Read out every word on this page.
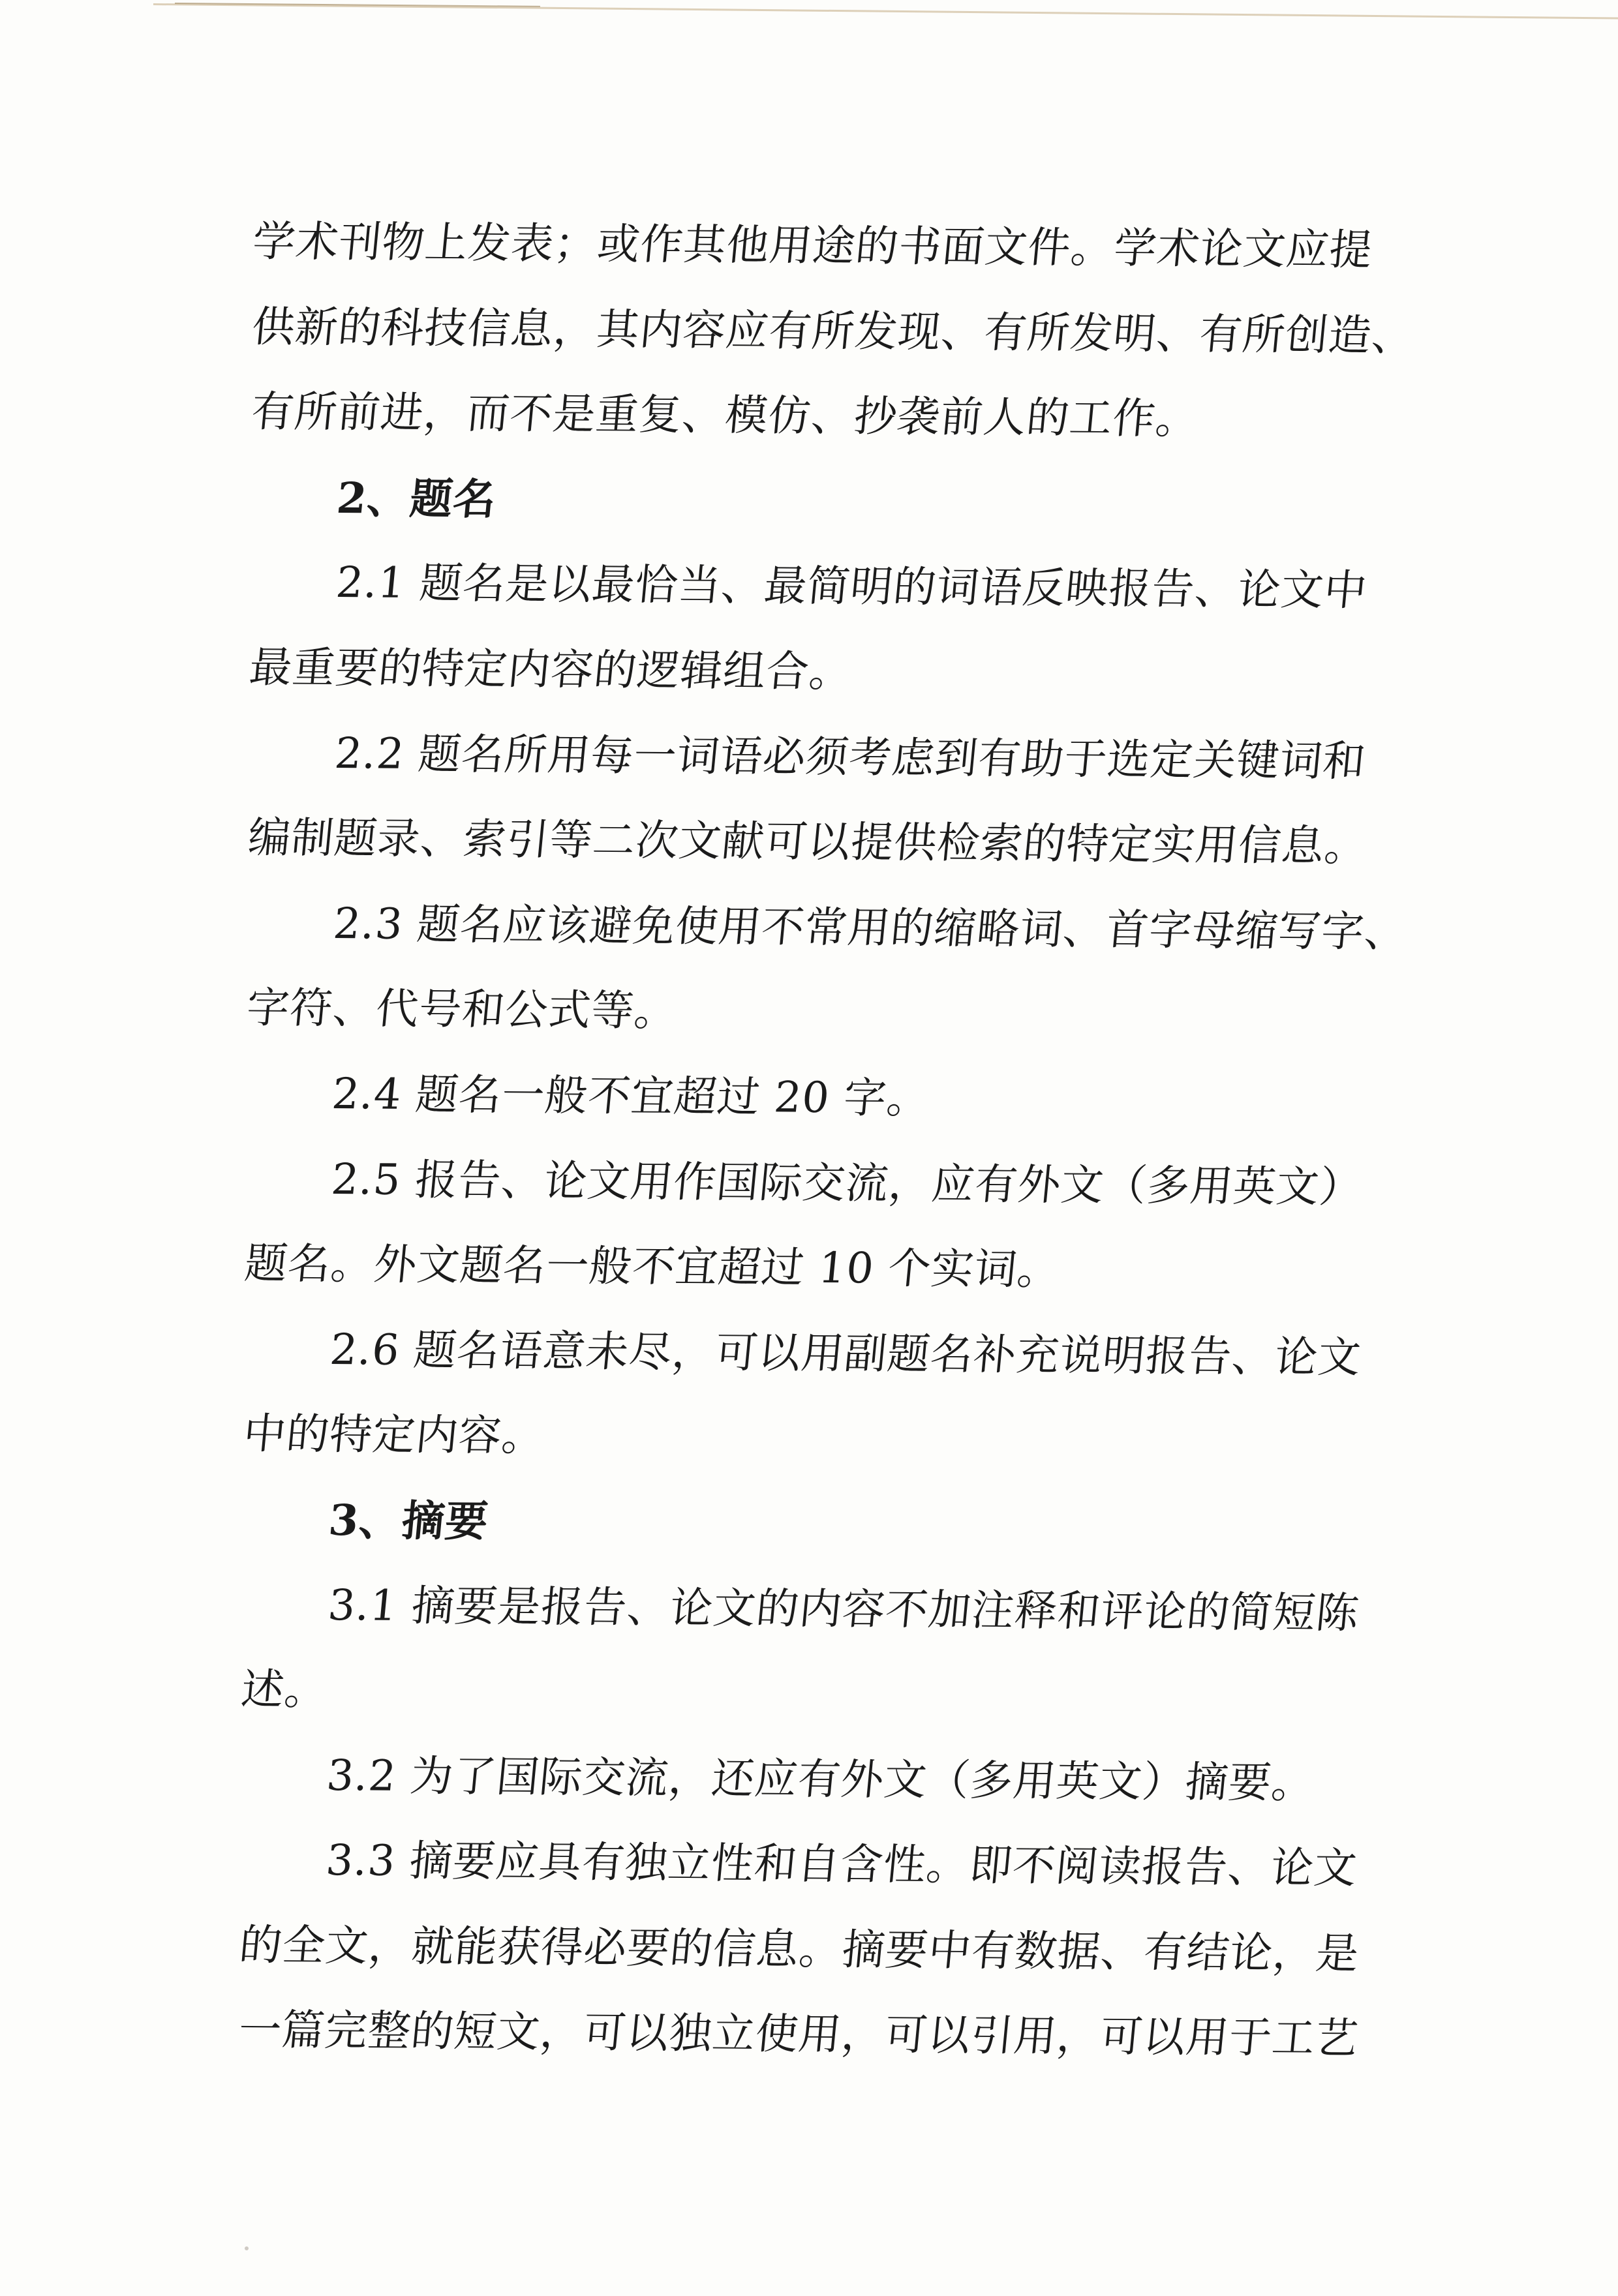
学术刊物上发表；或作其他用途的书面文件。学术论文应提
供新的科技信息，其内容应有所发现、有所发明、有所创造、
有所前进，而不是重复、模仿、抄袭前人的工作。
2、题名
2.1 题名是以最恰当、最简明的词语反映报告、论文中
最重要的特定内容的逻辑组合。
2.2 题名所用每一词语必须考虑到有助于选定关键词和
编制题录、索引等二次文献可以提供检索的特定实用信息。
2.3 题名应该避免使用不常用的缩略词、首字母缩写字、
字符、代号和公式等。
2.4 题名一般不宜超过 20 字。
2.5 报告、论文用作国际交流，应有外文（多用英文）
题名。外文题名一般不宜超过 10 个实词。
2.6 题名语意未尽，可以用副题名补充说明报告、论文
中的特定内容。
3、摘要
3.1 摘要是报告、论文的内容不加注释和评论的简短陈
述。
3.2 为了国际交流，还应有外文（多用英文）摘要。
3.3 摘要应具有独立性和自含性。即不阅读报告、论文
的全文，就能获得必要的信息。摘要中有数据、有结论，是
一篇完整的短文，可以独立使用，可以引用，可以用于工艺
